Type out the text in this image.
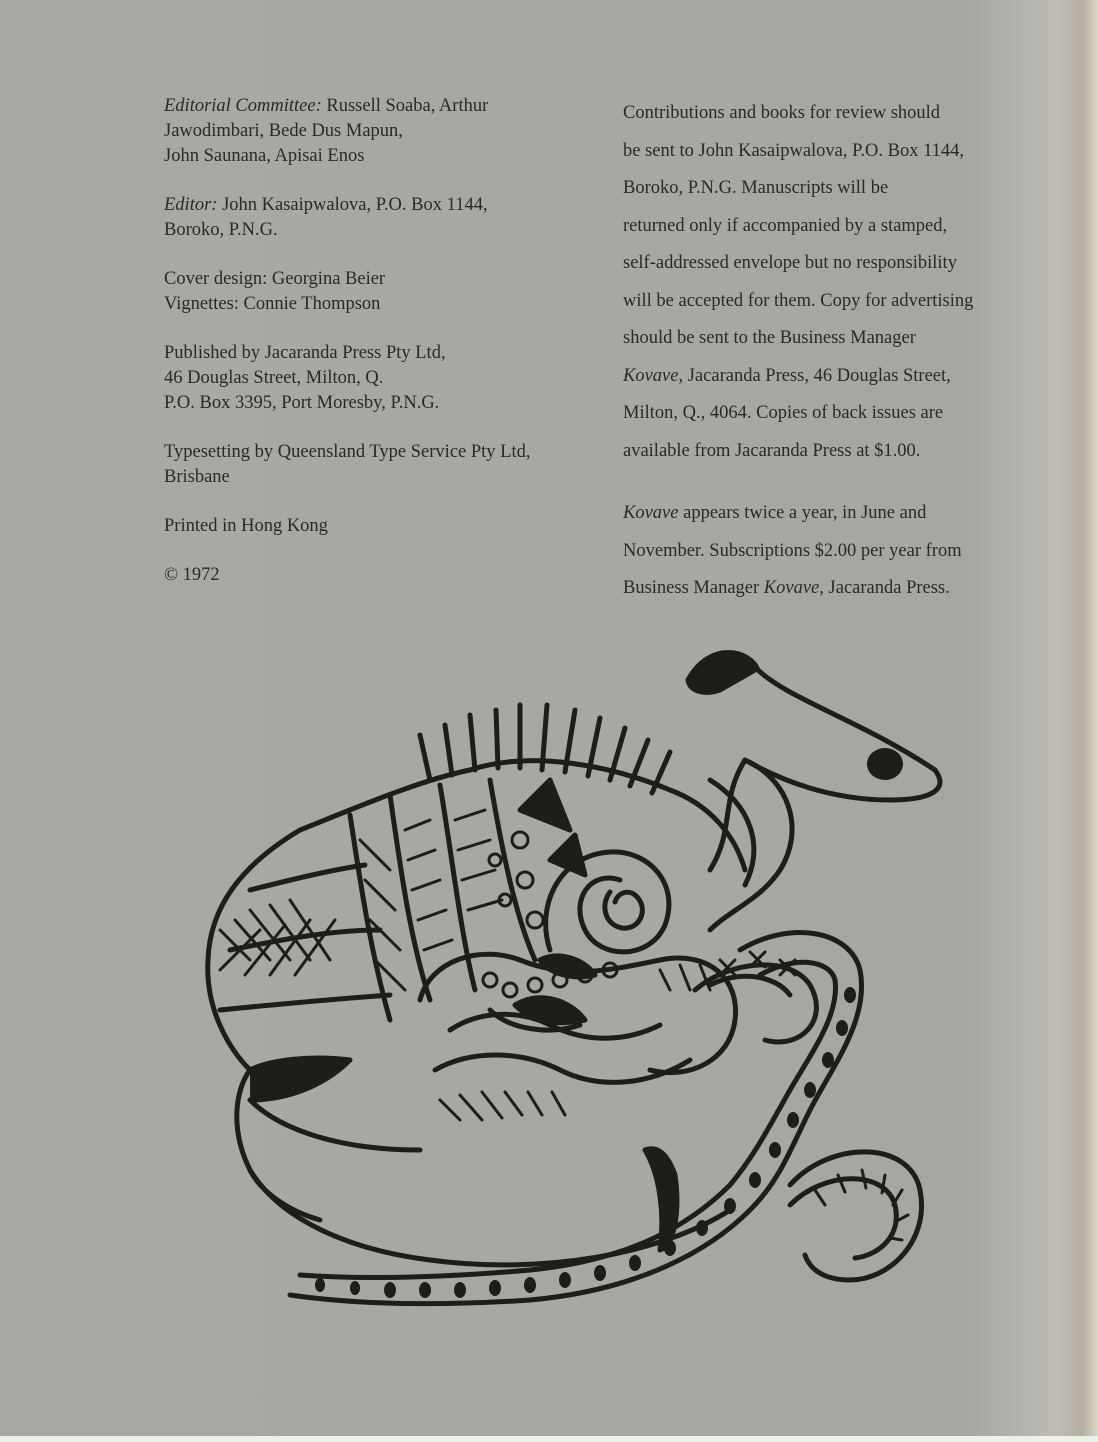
Editorial Committee: Russell Soaba, Arthur
Jawodimbari, Bede Dus Mapun,
John Saunana, Apisai Enos
Editor: John Kasaipwalova, P.O. Box 1144,
Boroko, P.N.G.
Cover design: Georgina Beier
Vignettes: Connie Thompson
Published by Jacaranda Press Pty Ltd,
46 Douglas Street, Milton, Q.
P.O. Box 3395, Port Moresby, P.N.G.
Typesetting by Queensland Type Service Pty Ltd,
Brisbane
Printed in Hong Kong
© 1972
Contributions and books for review should
be sent to John Kasaipwalova, P.O. Box 1144,
Boroko, P.N.G. Manuscripts will be
returned only if accompanied by a stamped,
self-addressed envelope but no responsibility
will be accepted for them. Copy for advertising
should be sent to the Business Manager
Kovave, Jacaranda Press, 46 Douglas Street,
Milton, Q., 4064. Copies of back issues are
available from Jacaranda Press at $1.00.
Kovave appears twice a year, in June and
November. Subscriptions $2.00 per year from
Business Manager Kovave, Jacaranda Press.
